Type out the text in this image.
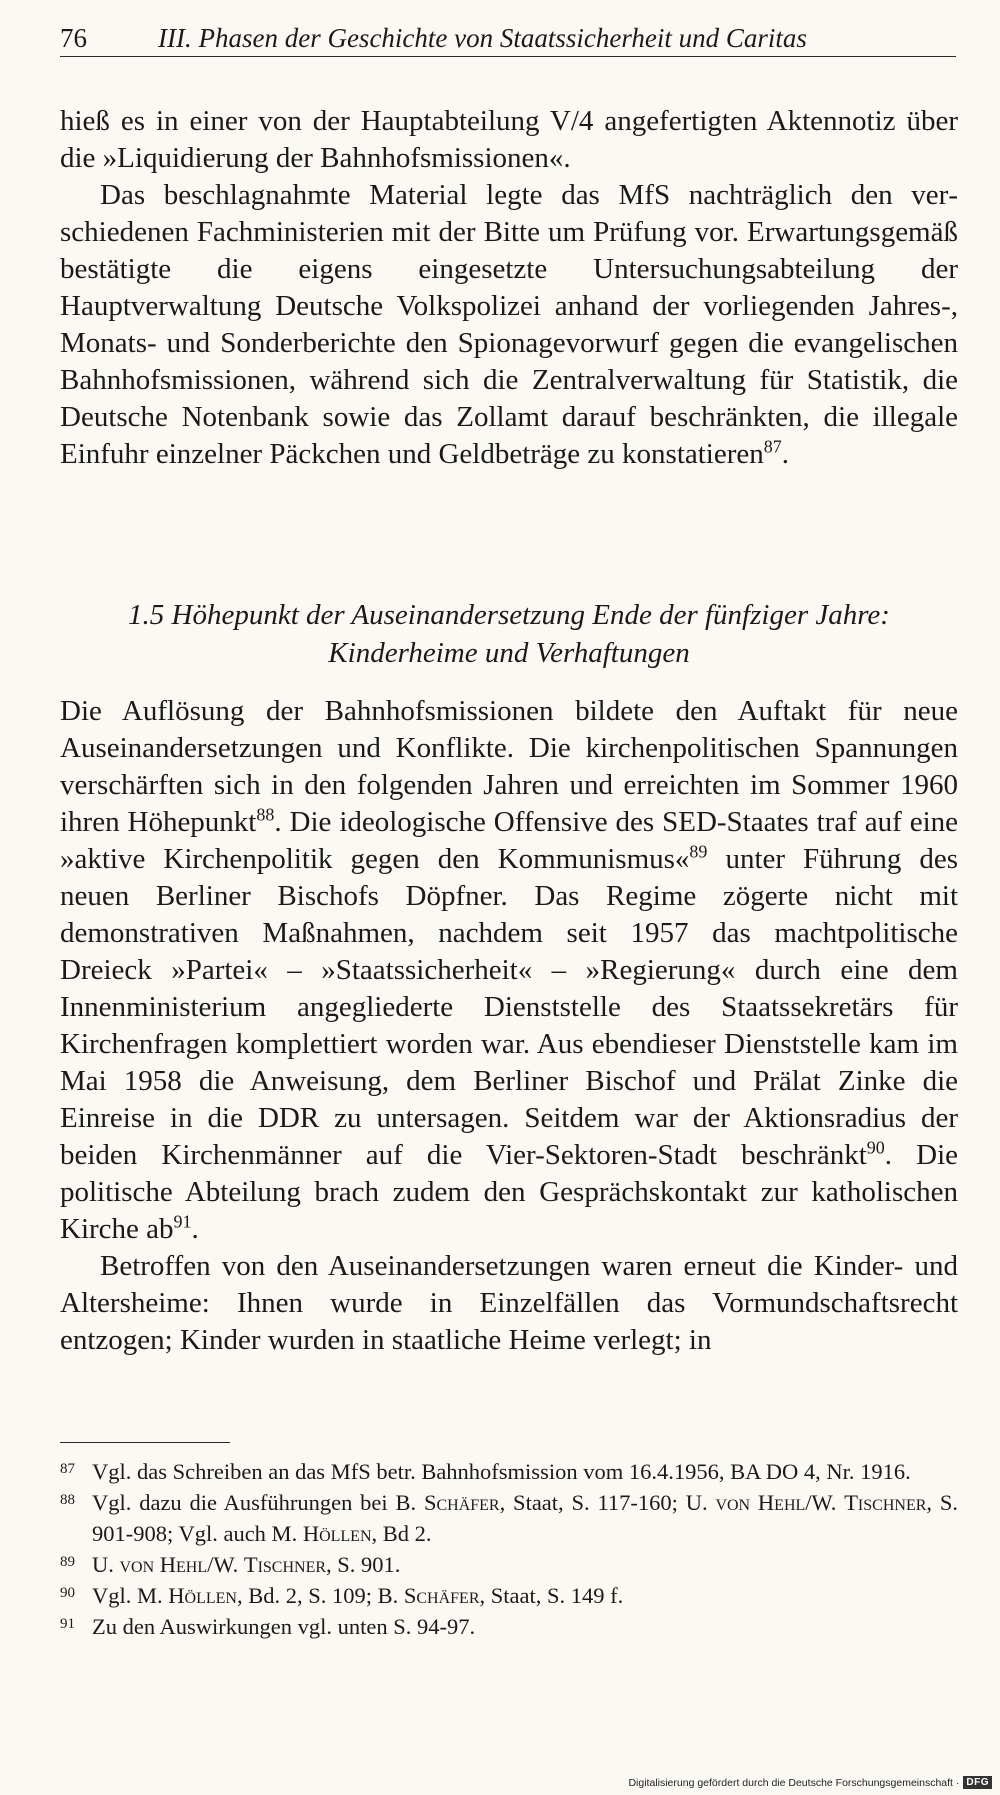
76	III. Phasen der Geschichte von Staatssicherheit und Caritas

hieß es in einer von der Hauptabteilung V/4 angefertigten Aktennotiz über die »Liquidierung der Bahnhofsmissionen«.

Das beschlagnahmte Material legte das MfS nachträglich den verschiedenen Fachministerien mit der Bitte um Prüfung vor. Erwartungsgemäß bestätigte die eigens eingesetzte Untersuchungsabteilung der Hauptverwaltung Deutsche Volkspolizei anhand der vorliegenden Jahres-, Monats- und Sonderberichte den Spionagevorwurf gegen die evangelischen Bahnhofsmissionen, während sich die Zentralverwaltung für Statistik, die Deutsche Notenbank sowie das Zollamt darauf beschränkten, die illegale Einfuhr einzelner Päckchen und Geldbeträge zu konstatieren$^{87}$.

1.5 Höhepunkt der Auseinandersetzung Ende der fünfziger Jahre:
Kinderheime und Verhaftungen

Die Auflösung der Bahnhofsmissionen bildete den Auftakt für neue Auseinandersetzungen und Konflikte. Die kirchenpolitischen Spannungen verschärften sich in den folgenden Jahren und erreichten im Sommer 1960 ihren Höhepunkt$^{88}$. Die ideologische Offensive des SED-Staates traf auf eine »aktive Kirchenpolitik gegen den Kommunismus«$^{89}$ unter Führung des neuen Berliner Bischofs Döpfner. Das Regime zögerte nicht mit demonstrativen Maßnahmen, nachdem seit 1957 das machtpolitische Dreieck »Partei« – »Staatssicherheit« – »Regierung« durch eine dem Innenministerium angegliederte Dienststelle des Staatssekretärs für Kirchenfragen komplettiert worden war. Aus ebendieser Dienststelle kam im Mai 1958 die Anweisung, dem Berliner Bischof und Prälat Zinke die Einreise in die DDR zu untersagen. Seitdem war der Aktionsradius der beiden Kirchenmänner auf die Vier-Sektoren-Stadt beschränkt$^{90}$. Die politische Abteilung brach zudem den Gesprächskontakt zur katholischen Kirche $ab^{91}$.

Betroffen von den Auseinandersetzungen waren erneut die Kinder- und Altersheime: Ihnen wurde in Einzelfällen das Vormundschaftsrecht entzogen; Kinder wurden in staatliche Heime verlegt; in

87 Vgl. das Schreiben an das MfS betr. Bahnhofsmission vom 16.4.1956, BA DO 4, Nr. 1916.

88 Vgl. dazu die Ausführungen bei B. Schäfer, Staat, S. 117-160; U. von Hehl/W. Tischner, S. 901-908; Vgl. auch M. Höllen, Bd 2.

89 U. von Hehl/W. Tischner, S. 901.

90 Vgl. M. Höllen, Bd. 2, S. 109; B. Schäfer, Staat, S. 149 f.

91 Zu den Auswirkungen vgl. unten S. 94-97.

Digitalisierung gefördert durch die Deutsche Forschungsgemeinschaft · DFG
